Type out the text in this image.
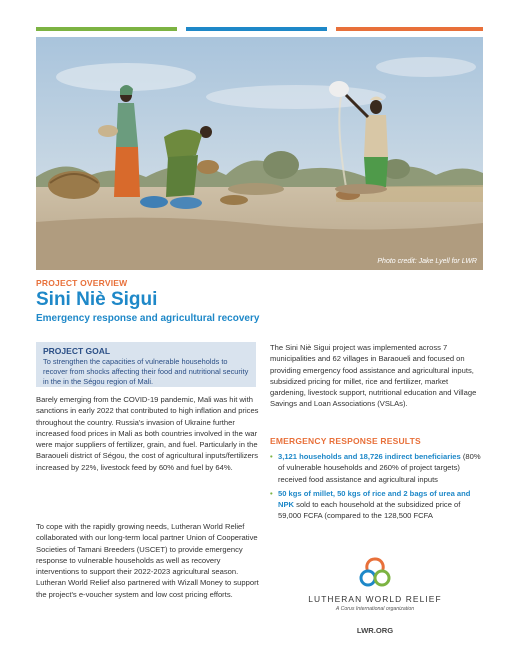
Photo credit: Jake Lyell for LWR
PROJECT OVERVIEW
Sini Niè Sigui
Emergency response and agricultural recovery
PROJECT GOAL
To strengthen the capacities of vulnerable households to recover from shocks affecting their food and nutritional security in the in the Ségou region of Mali.

Barely emerging from the COVID-19 pandemic, Mali was hit with sanctions in early 2022 that contributed to high inflation and prices throughout the country. Russia's invasion of Ukraine further increased food prices in Mali as both countries involved in the war were major suppliers of fertilizer, grain, and fuel. Particularly in the Baraoueli district of Ségou, the cost of agricultural inputs/fertilizers increased by 22%, livestock feed by 60% and fuel by 64%.

To cope with the rapidly growing needs, Lutheran World Relief collaborated with our long-term local partner Union of Cooperative Societies of Tamani Breeders (USCET) to provide emergency response to vulnerable households as well as recovery interventions to support their 2022-2023 agricultural season. Lutheran World Relief also partnered with Wizall Money to support the project's e-voucher system and low cost pricing efforts.

The Sini Niè Sigui project was implemented across 7 municipalities and 62 villages in Baraoueli and focused on providing emergency food assistance and agricultural inputs, subsidized pricing for millet, rice and fertilizer, market gardening, livestock support, nutritional education and Village Savings and Loan Associations (VSLAs).

EMERGENCY RESPONSE RESULTS
• 3,121 households and 18,726 indirect beneficiaries (80% of vulnerable households and 260% of project targets) received food assistance and agricultural inputs
• 50 kgs of millet, 50 kgs of rice and 2 bags of urea and NPK sold to each household at the subsidized price of 59,000 FCFA (compared to the 128,500 FCFA
LUTHERAN WORLD RELIEF
A Corus International organization
LWR.ORG
